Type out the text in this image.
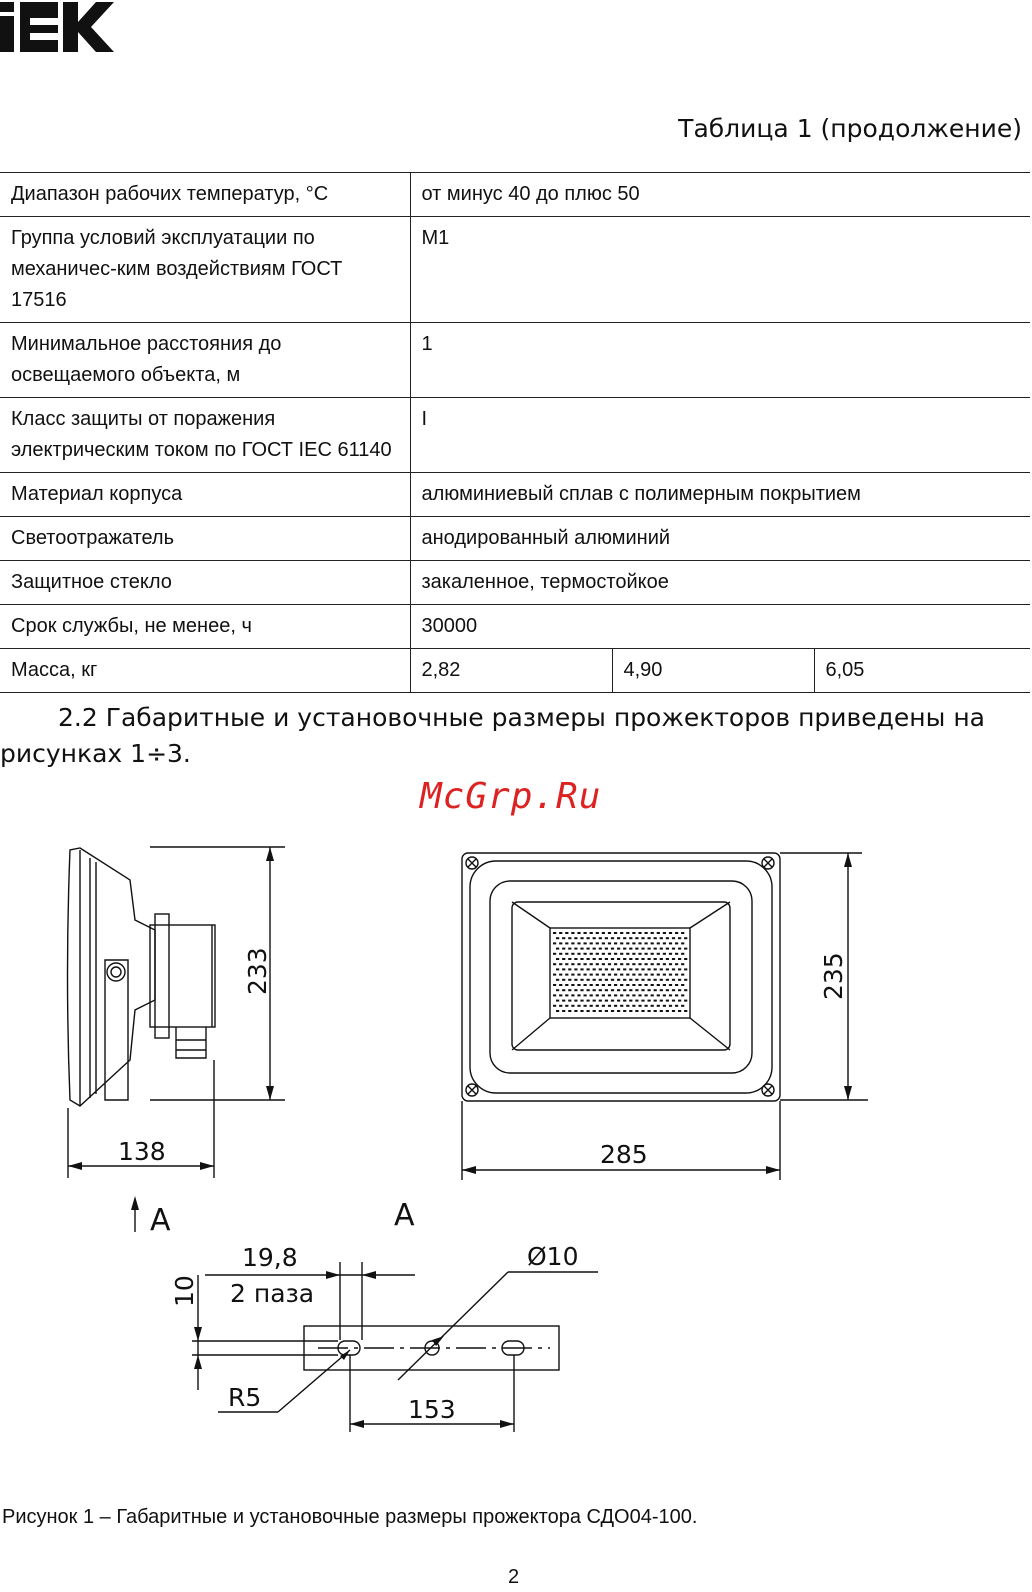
Таблица 1 (продолжение)
Диапазон рабочих температур, °С	от минус 40 до плюс 50		
Группа условий эксплуатации по механичес-ким воздействиям ГОСТ 17516	М1		
Минимальное расстояния до освещаемого объекта, м	1		
Класс защиты от поражения электрическим током по ГОСТ IEC 61140	I		
Материал корпуса	алюминиевый сплав с полимерным покрытием		
Светоотражатель	анодированный алюминий		
Защитное стекло	закаленное, термостойкое		
Срок службы, не менее, ч	30000		
Масса, кг	2,82	4,90	6,05
2.2 Габаритные и установочные размеры прожекторов приведены на рисунках 1÷3.
McGrp.Ru
233
138
235
285
А	А
19,8
2 паза
10
Ø10
R5	153
Рисунок 1 – Габаритные и установочные размеры прожектора СДО04-100.
2
